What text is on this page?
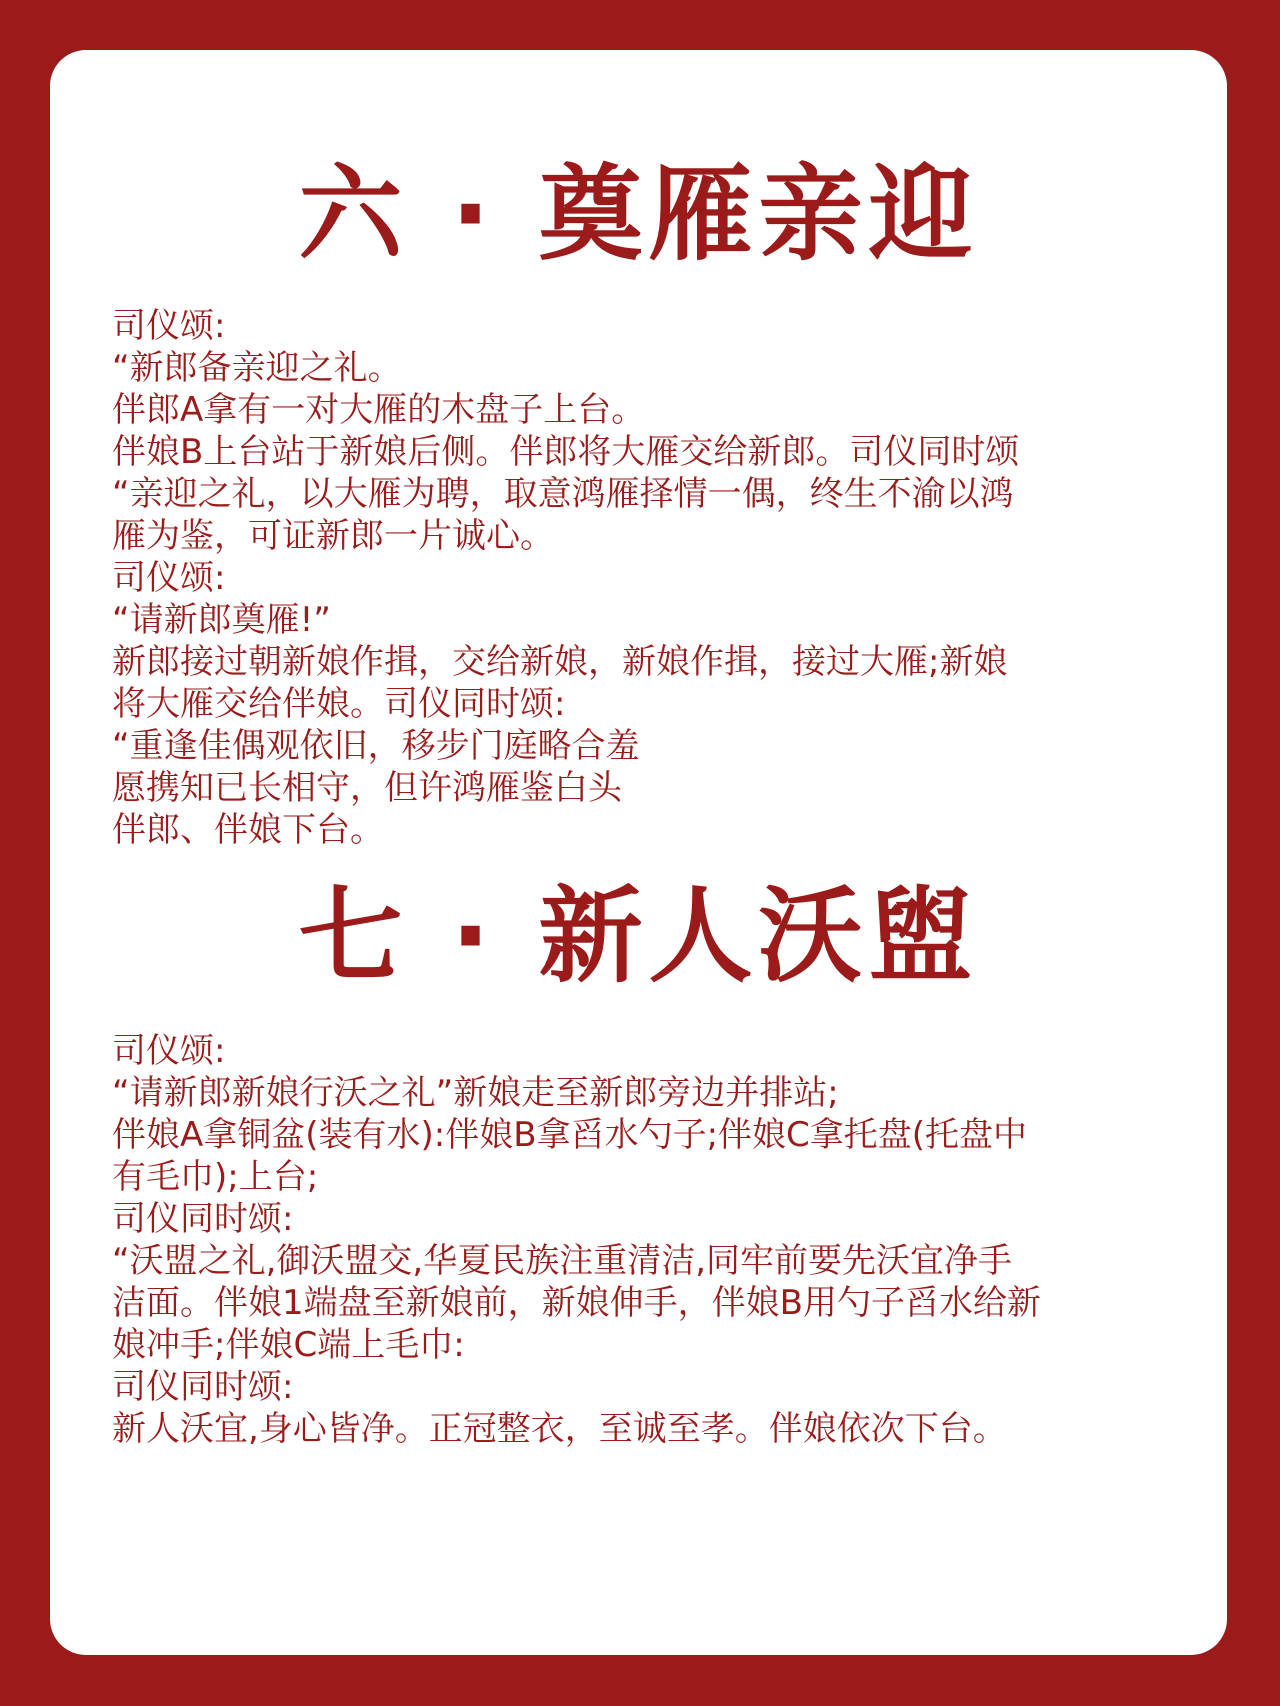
六 · 奠雁亲迎
司仪颂:
“新郎备亲迎之礼。
伴郎A拿有一对大雁的木盘子上台。
伴娘B上台站于新娘后侧。伴郎将大雁交给新郎。司仪同时颂
“亲迎之礼，以大雁为聘，取意鸿雁择情一偶，终生不渝以鸿
雁为鉴，可证新郎一片诚心。
司仪颂:
“请新郎奠雁!”
新郎接过朝新娘作揖，交给新娘，新娘作揖，接过大雁;新娘
将大雁交给伴娘。司仪同时颂:
“重逢佳偶观依旧，移步门庭略合羞
愿携知已长相守，但许鸿雁鉴白头
伴郎、伴娘下台。
七 · 新人沃盥
司仪颂:
“请新郎新娘行沃之礼”新娘走至新郎旁边并排站;
伴娘A拿铜盆(装有水):伴娘B拿舀水勺子;伴娘C拿托盘(托盘中
有毛巾);上台;
司仪同时颂:
“沃盟之礼,御沃盟交,华夏民族注重清洁,同牢前要先沃宜净手
洁面。伴娘1端盘至新娘前，新娘伸手，伴娘B用勺子舀水给新
娘冲手;伴娘C端上毛巾:
司仪同时颂:
新人沃宜,身心皆净。正冠整衣，至诚至孝。伴娘依次下台。
